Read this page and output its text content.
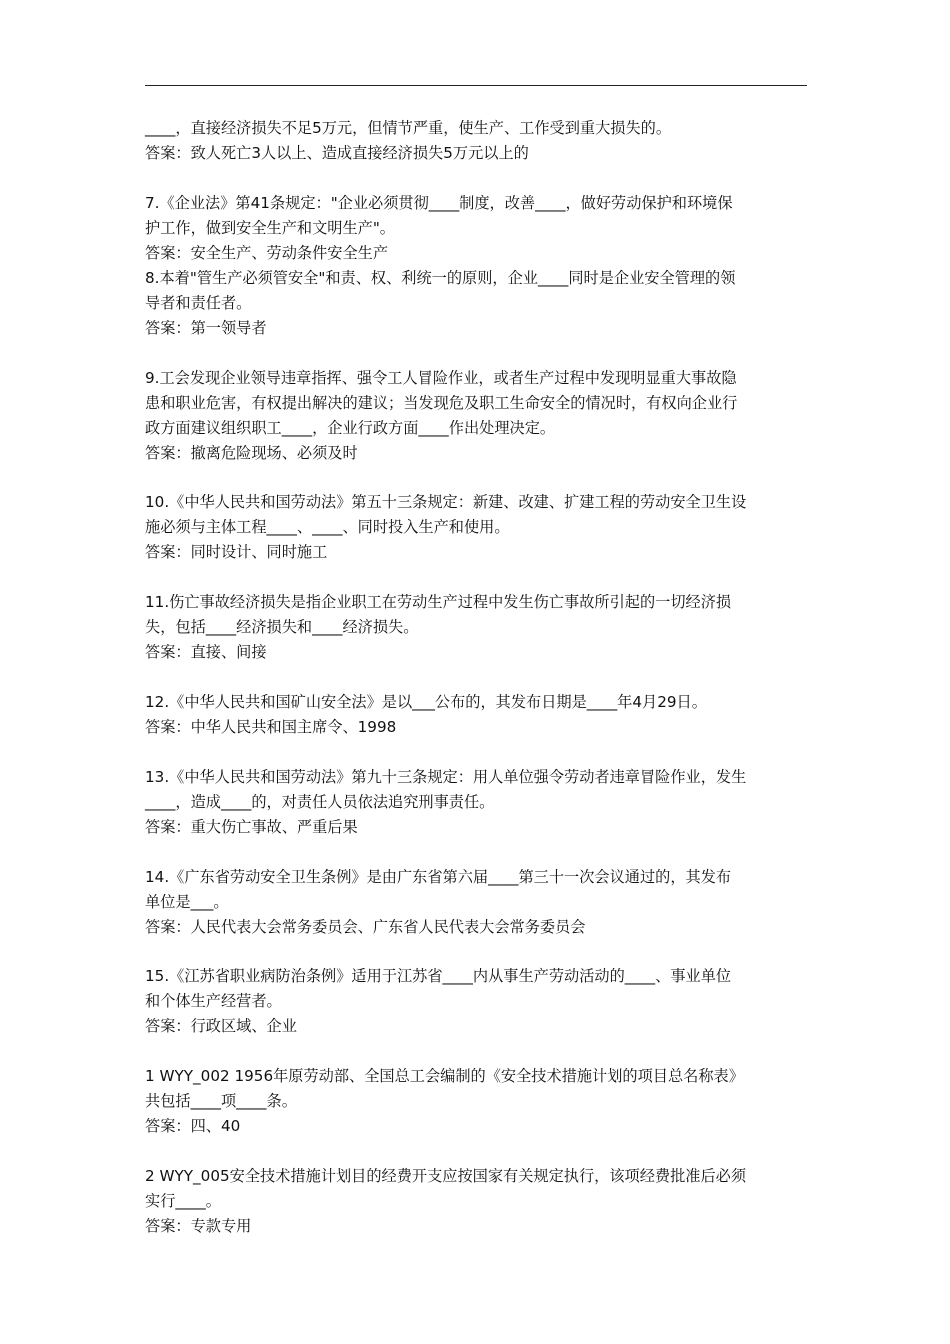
____，直接经济损失不足5万元，但情节严重，使生产、工作受到重大损失的。
答案：致人死亡3人以上、造成直接经济损失5万元以上的
7.《企业法》第41条规定："企业必须贯彻____制度，改善____，做好劳动保护和环境保
护工作，做到安全生产和文明生产"。
答案：安全生产、劳动条件安全生产
8.本着"管生产必须管安全"和责、权、利统一的原则，企业____同时是企业安全管理的领
导者和责任者。
答案：第一领导者
9.工会发现企业领导违章指挥、强令工人冒险作业，或者生产过程中发现明显重大事故隐
患和职业危害，有权提出解决的建议；当发现危及职工生命安全的情况时，有权向企业行
政方面建议组织职工____，企业行政方面____作出处理决定。
答案：撤离危险现场、必须及时
10.《中华人民共和国劳动法》第五十三条规定：新建、改建、扩建工程的劳动安全卫生设
施必须与主体工程____、____、同时投入生产和使用。
答案：同时设计、同时施工
11.伤亡事故经济损失是指企业职工在劳动生产过程中发生伤亡事故所引起的一切经济损
失，包括____经济损失和____经济损失。
答案：直接、间接
12.《中华人民共和国矿山安全法》是以___公布的，其发布日期是____年4月29日。
答案：中华人民共和国主席令、1998
13.《中华人民共和国劳动法》第九十三条规定：用人单位强令劳动者违章冒险作业，发生
____，造成____的，对责任人员依法追究刑事责任。
答案：重大伤亡事故、严重后果
14.《广东省劳动安全卫生条例》是由广东省第六届____第三十一次会议通过的，其发布
单位是___。
答案：人民代表大会常务委员会、广东省人民代表大会常务委员会
15.《江苏省职业病防治条例》适用于江苏省____内从事生产劳动活动的____、事业单位
和个体生产经营者。
答案：行政区域、企业
1 WYY_002 1956年原劳动部、全国总工会编制的《安全技术措施计划的项目总名称表》
共包括____项____条。
答案：四、40
2 WYY_005安全技术措施计划目的经费开支应按国家有关规定执行，该项经费批准后必须
实行____。
答案：专款专用
